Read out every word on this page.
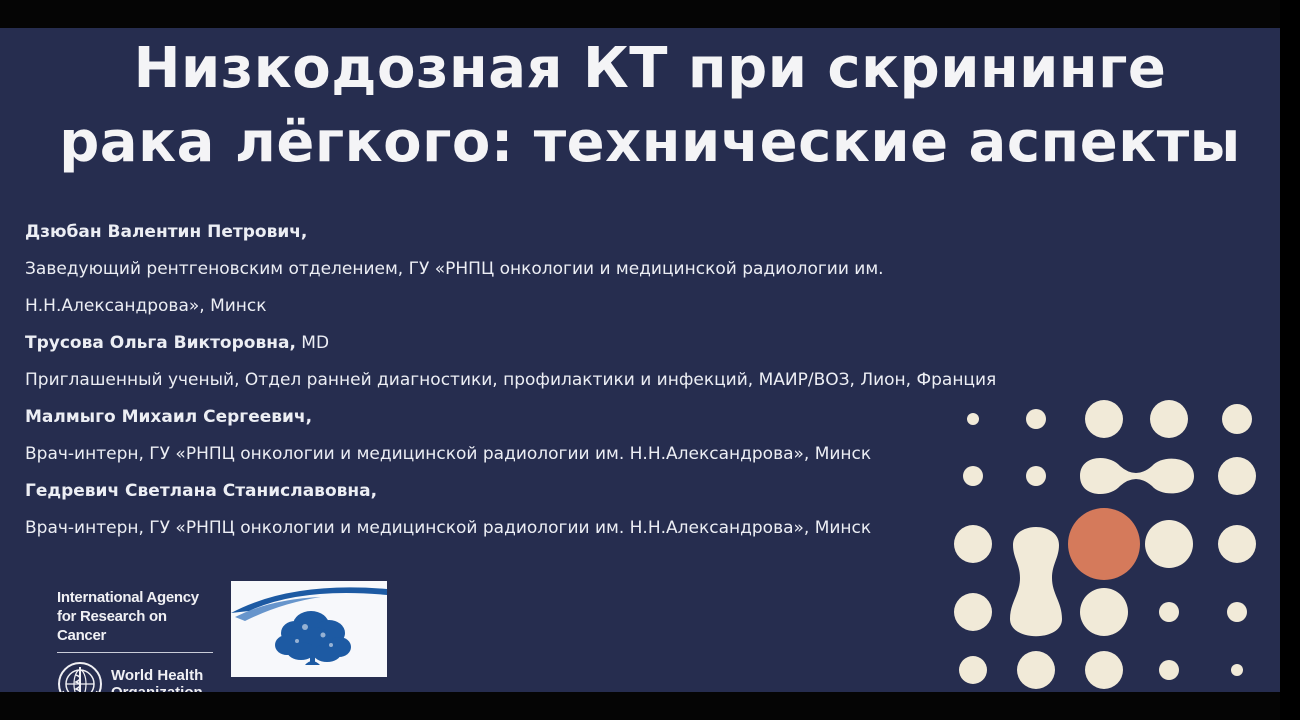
Низкодозная КТ при скрининге
рака лёгкого: технические аспекты
Дзюбан Валентин Петрович,
Заведующий рентгеновским отделением, ГУ «РНПЦ онкологии и медицинской радиологии им.
Н.Н.Александрова», Минск
Трусова Ольга Викторовна, MD
Приглашенный ученый, Отдел ранней диагностики, профилактики и инфекций, МАИР/ВОЗ, Лион, Франция
Малмыго Михаил Сергеевич,
Врач-интерн, ГУ «РНПЦ онкологии и медицинской радиологии им. Н.Н.Александрова», Минск
Гедревич Светлана Станиславовна,
Врач-интерн, ГУ «РНПЦ онкологии и медицинской радиологии им. Н.Н.Александрова», Минск
International Agency
for Research on Cancer
World Health
